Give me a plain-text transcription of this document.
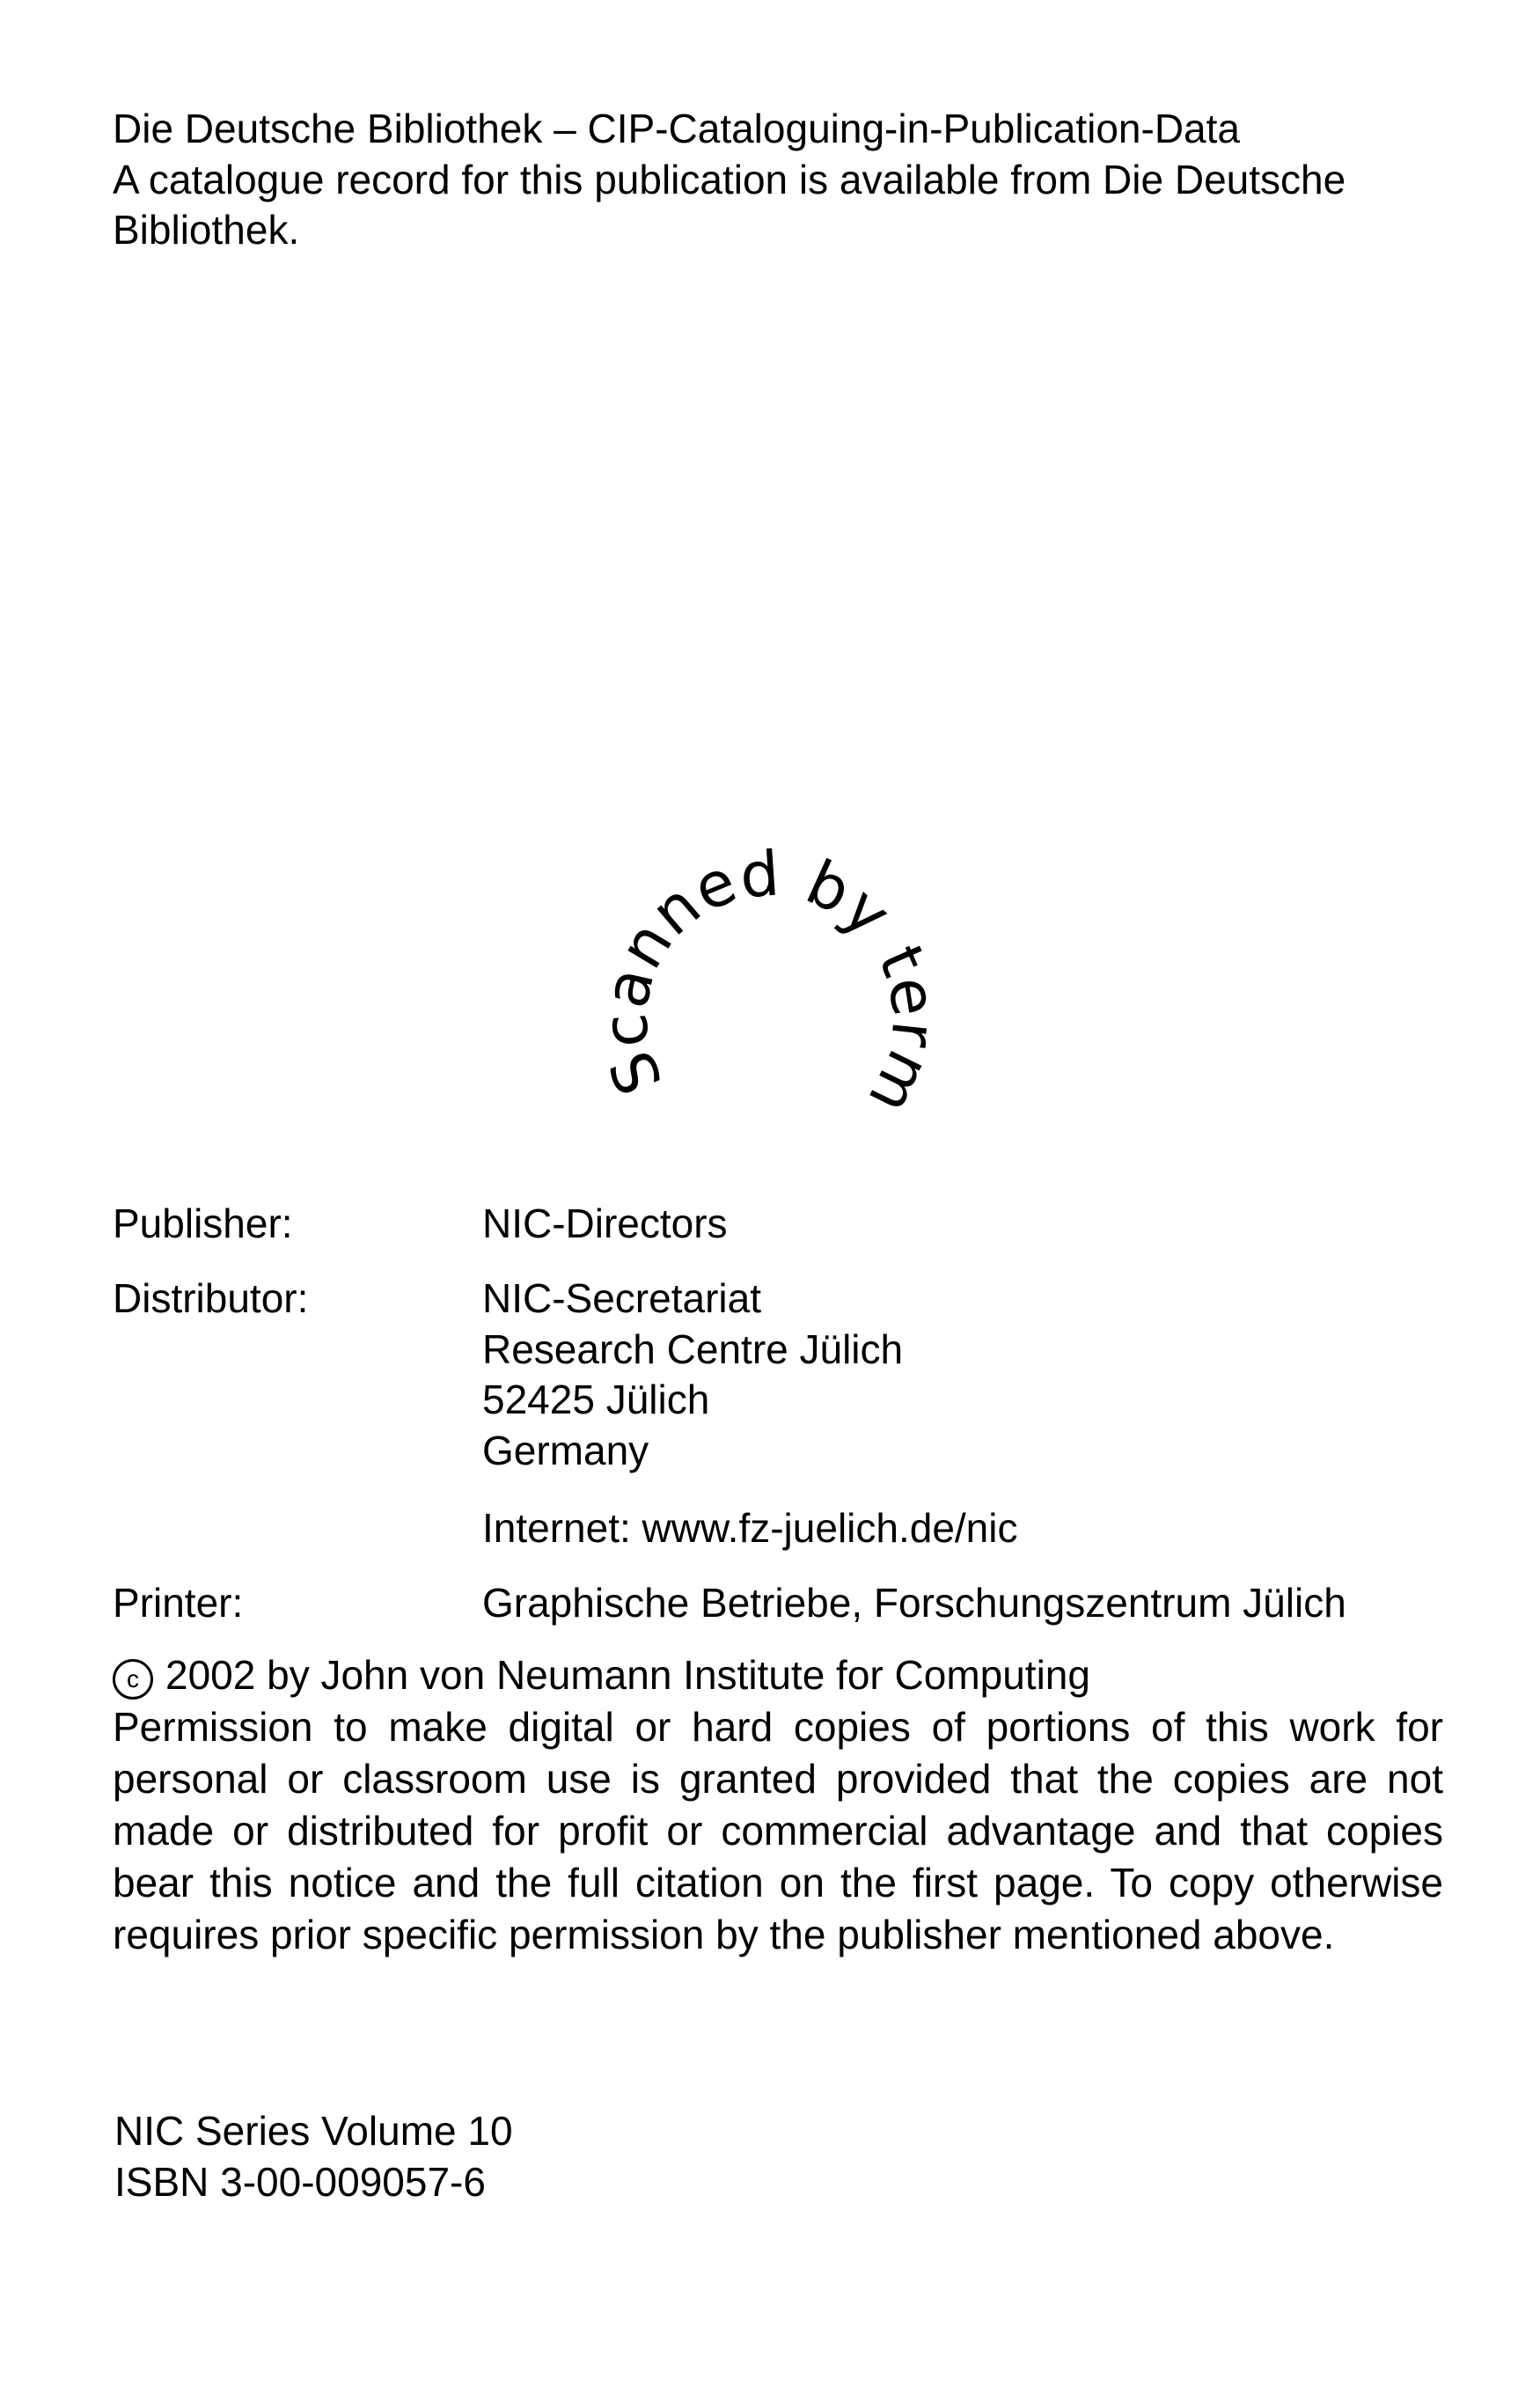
Die Deutsche Bibliothek – CIP-Cataloguing-in-Publication-Data
A catalogue record for this publication is available from Die Deutsche
Bibliothek.
Scanned by terminator
Publisher:	NIC-Directors
Distributor:	NIC-Secretariat
Research Centre Jülich
52425 Jülich
Germany
Internet: www.fz-juelich.de/nic
Printer:	Graphische Betriebe, Forschungszentrum Jülich
c 2002 by John von Neumann Institute for Computing
Permission to make digital or hard copies of portions of this work for personal or classroom use is granted provided that the copies are not made or distributed for profit or commercial advantage and that copies bear this notice and the full citation on the first page. To copy otherwise requires prior specific permission by the publisher mentioned above.
NIC Series Volume 10
ISBN 3-00-009057-6
